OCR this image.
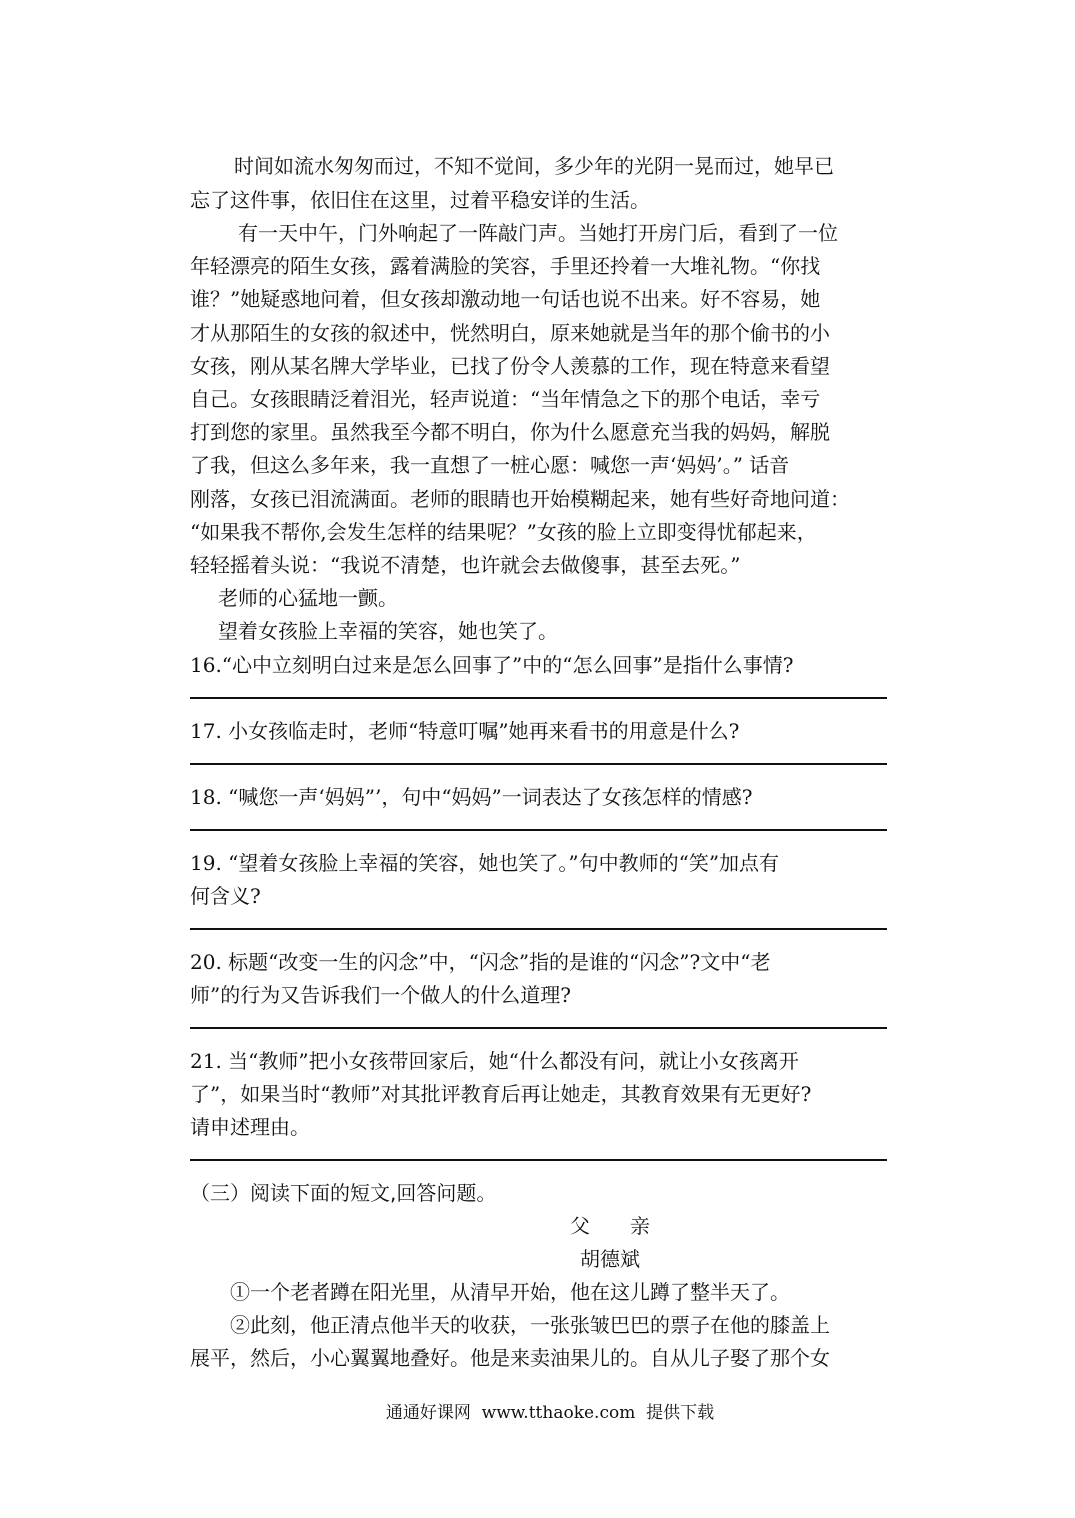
时间如流水匆匆而过，不知不觉间，多少年的光阴一晃而过，她早已

忘了这件事，依旧住在这里，过着平稳安详的生活。

有一天中午，门外响起了一阵敲门声。当她打开房门后，看到了一位

年轻漂亮的陌生女孩，露着满脸的笑容，手里还拎着一大堆礼物。“你找

谁？”她疑惑地问着，但女孩却激动地一句话也说不出来。好不容易，她

才从那陌生的女孩的叙述中，恍然明白，原来她就是当年的那个偷书的小

女孩，刚从某名牌大学毕业，已找了份令人羡慕的工作，现在特意来看望

自己。女孩眼睛泛着泪光，轻声说道：“当年情急之下的那个电话，幸亏

打到您的家里。虽然我至今都不明白，你为什么愿意充当我的妈妈，解脱

了我，但这么多年来，我一直想了一桩心愿：喊您一声‘妈妈’。” 话音

刚落，女孩已泪流满面。老师的眼睛也开始模糊起来，她有些好奇地问道：

“如果我不帮你,会发生怎样的结果呢？”女孩的脸上立即变得忧郁起来，

轻轻摇着头说：“我说不清楚，也许就会去做傻事，甚至去死。”

老师的心猛地一颤。

望着女孩脸上幸福的笑容，她也笑了。

16.“心中立刻明白过来是怎么回事了”中的“怎么回事”是指什么事情?

17. 小女孩临走时，老师“特意叮嘱”她再来看书的用意是什么?

18. “喊您一声‘妈妈”’，句中“妈妈”一词表达了女孩怎样的情感?

19. “望着女孩脸上幸福的笑容，她也笑了。”句中教师的“笑”加点有

何含义?

20. 标题“改变一生的闪念”中，“闪念”指的是谁的“闪念”?文中“老

师”的行为又告诉我们一个做人的什么道理?

21. 当“教师”把小女孩带回家后，她“什么都没有问，就让小女孩离开

了”，如果当时“教师”对其批评教育后再让她走，其教育效果有无更好?

请申述理由。

（三）阅读下面的短文,回答问题。

父　　亲

胡德斌

①一个老者蹲在阳光里，从清早开始，他在这儿蹲了整半天了。

②此刻，他正清点他半天的收获，一张张皱巴巴的票子在他的膝盖上

展平，然后，小心翼翼地叠好。他是来卖油果儿的。自从儿子娶了那个女

通通好课网  www.tthaoke.com  提供下载
